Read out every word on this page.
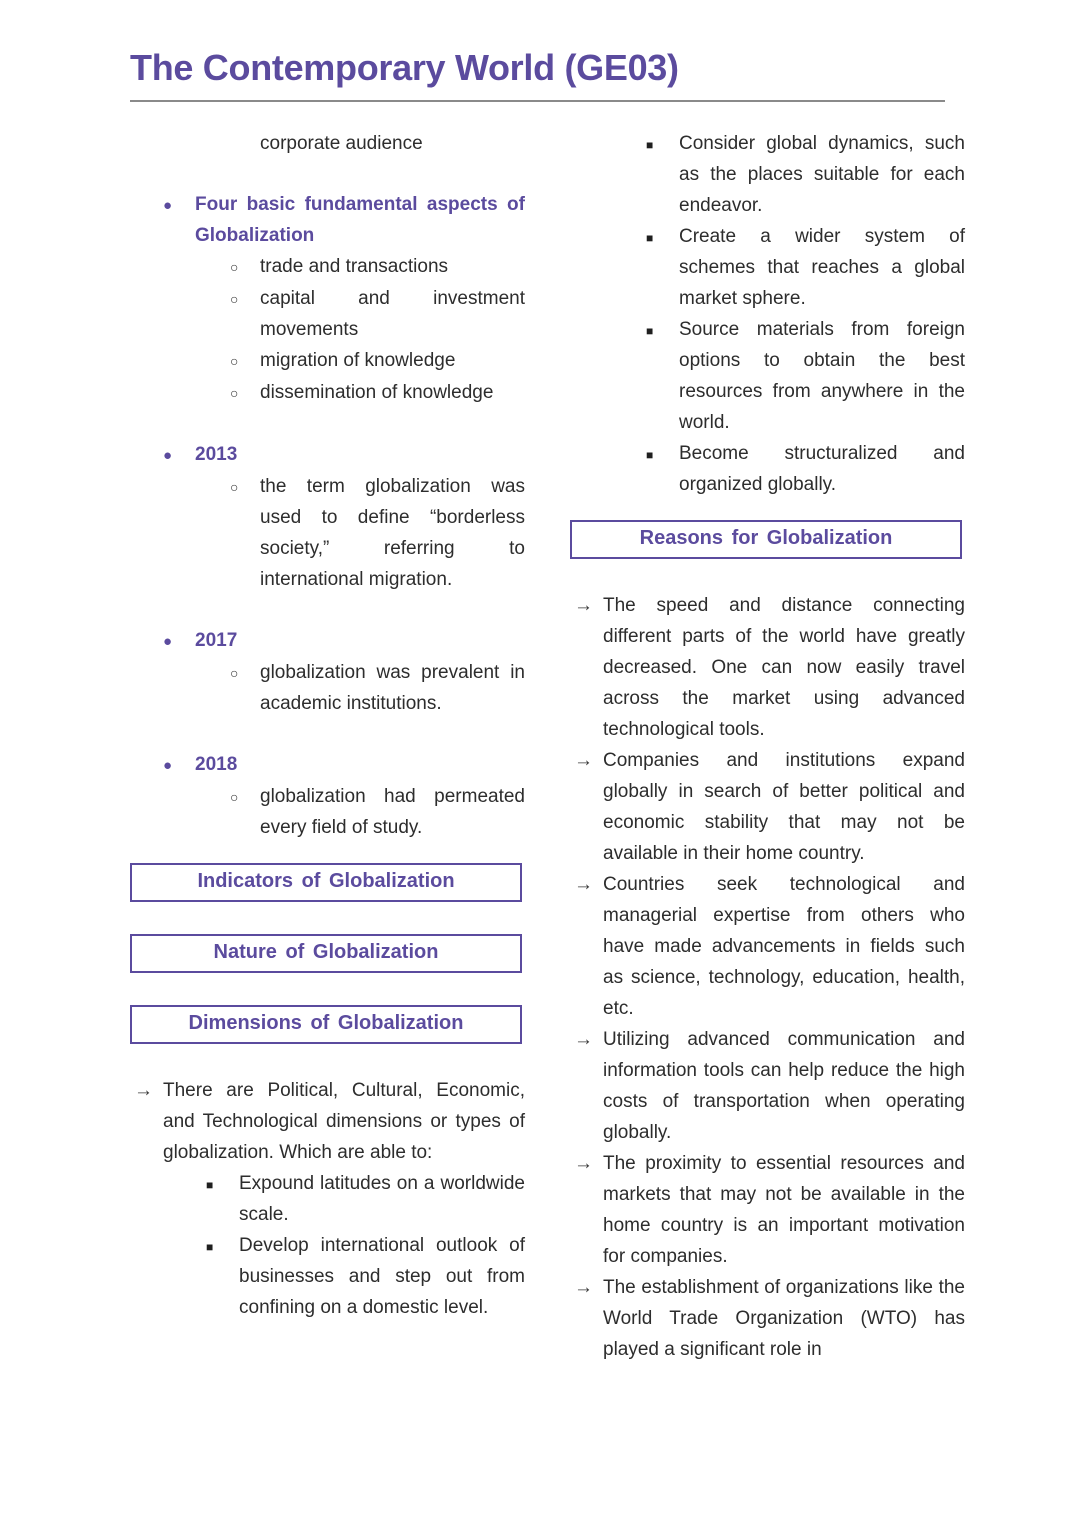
The Contemporary World (GE03)
corporate audience
●	Four basic fundamental aspects of Globalization
○	trade and transactions
○	capital and investment movements
○	migration of knowledge
○	dissemination of knowledge
●	2013
○	the term globalization was used to define “borderless society,” referring to international migration.
●	2017
○	globalization was prevalent in academic institutions.
●	2018
○	globalization had permeated every field of study.
Indicators of Globalization
Nature of Globalization
Dimensions of Globalization
→ There are Political, Cultural, Economic, and Technological dimensions or types of globalization. Which are able to:
■	Expound latitudes on a worldwide scale.
■	Develop international outlook of businesses and step out from confining on a domestic level.
■	Consider global dynamics, such as the places suitable for each endeavor.
■	Create a wider system of schemes that reaches a global market sphere.
■	Source materials from foreign options to obtain the best resources from anywhere in the world.
■	Become structuralized and organized globally.
Reasons for Globalization
→ The speed and distance connecting different parts of the world have greatly decreased. One can now easily travel across the market using advanced technological tools.
→ Companies and institutions expand globally in search of better political and economic stability that may not be available in their home country.
→ Countries seek technological and managerial expertise from others who have made advancements in fields such as science, technology, education, health, etc.
→ Utilizing advanced communication and information tools can help reduce the high costs of transportation when operating globally.
→ The proximity to essential resources and markets that may not be available in the home country is an important motivation for companies.
→ The establishment of organizations like the World Trade Organization (WTO) has played a significant role in
